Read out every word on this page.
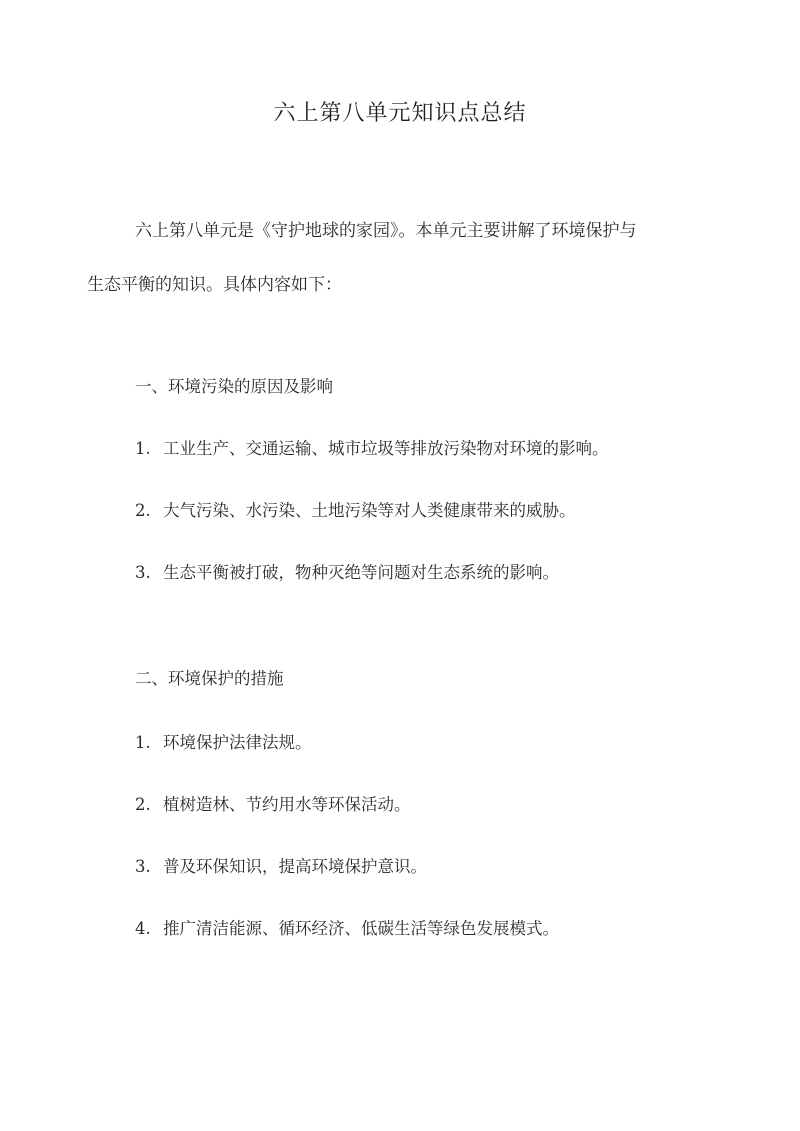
六上第八单元知识点总结
六上第八单元是《守护地球的家园》。本单元主要讲解了环境保护与
生态平衡的知识。具体内容如下：
一、环境污染的原因及影响
1. 工业生产、交通运输、城市垃圾等排放污染物对环境的影响。
2. 大气污染、水污染、土地污染等对人类健康带来的威胁。
3. 生态平衡被打破，物种灭绝等问题对生态系统的影响。
二、环境保护的措施
1. 环境保护法律法规。
2. 植树造林、节约用水等环保活动。
3. 普及环保知识，提高环境保护意识。
4. 推广清洁能源、循环经济、低碳生活等绿色发展模式。
